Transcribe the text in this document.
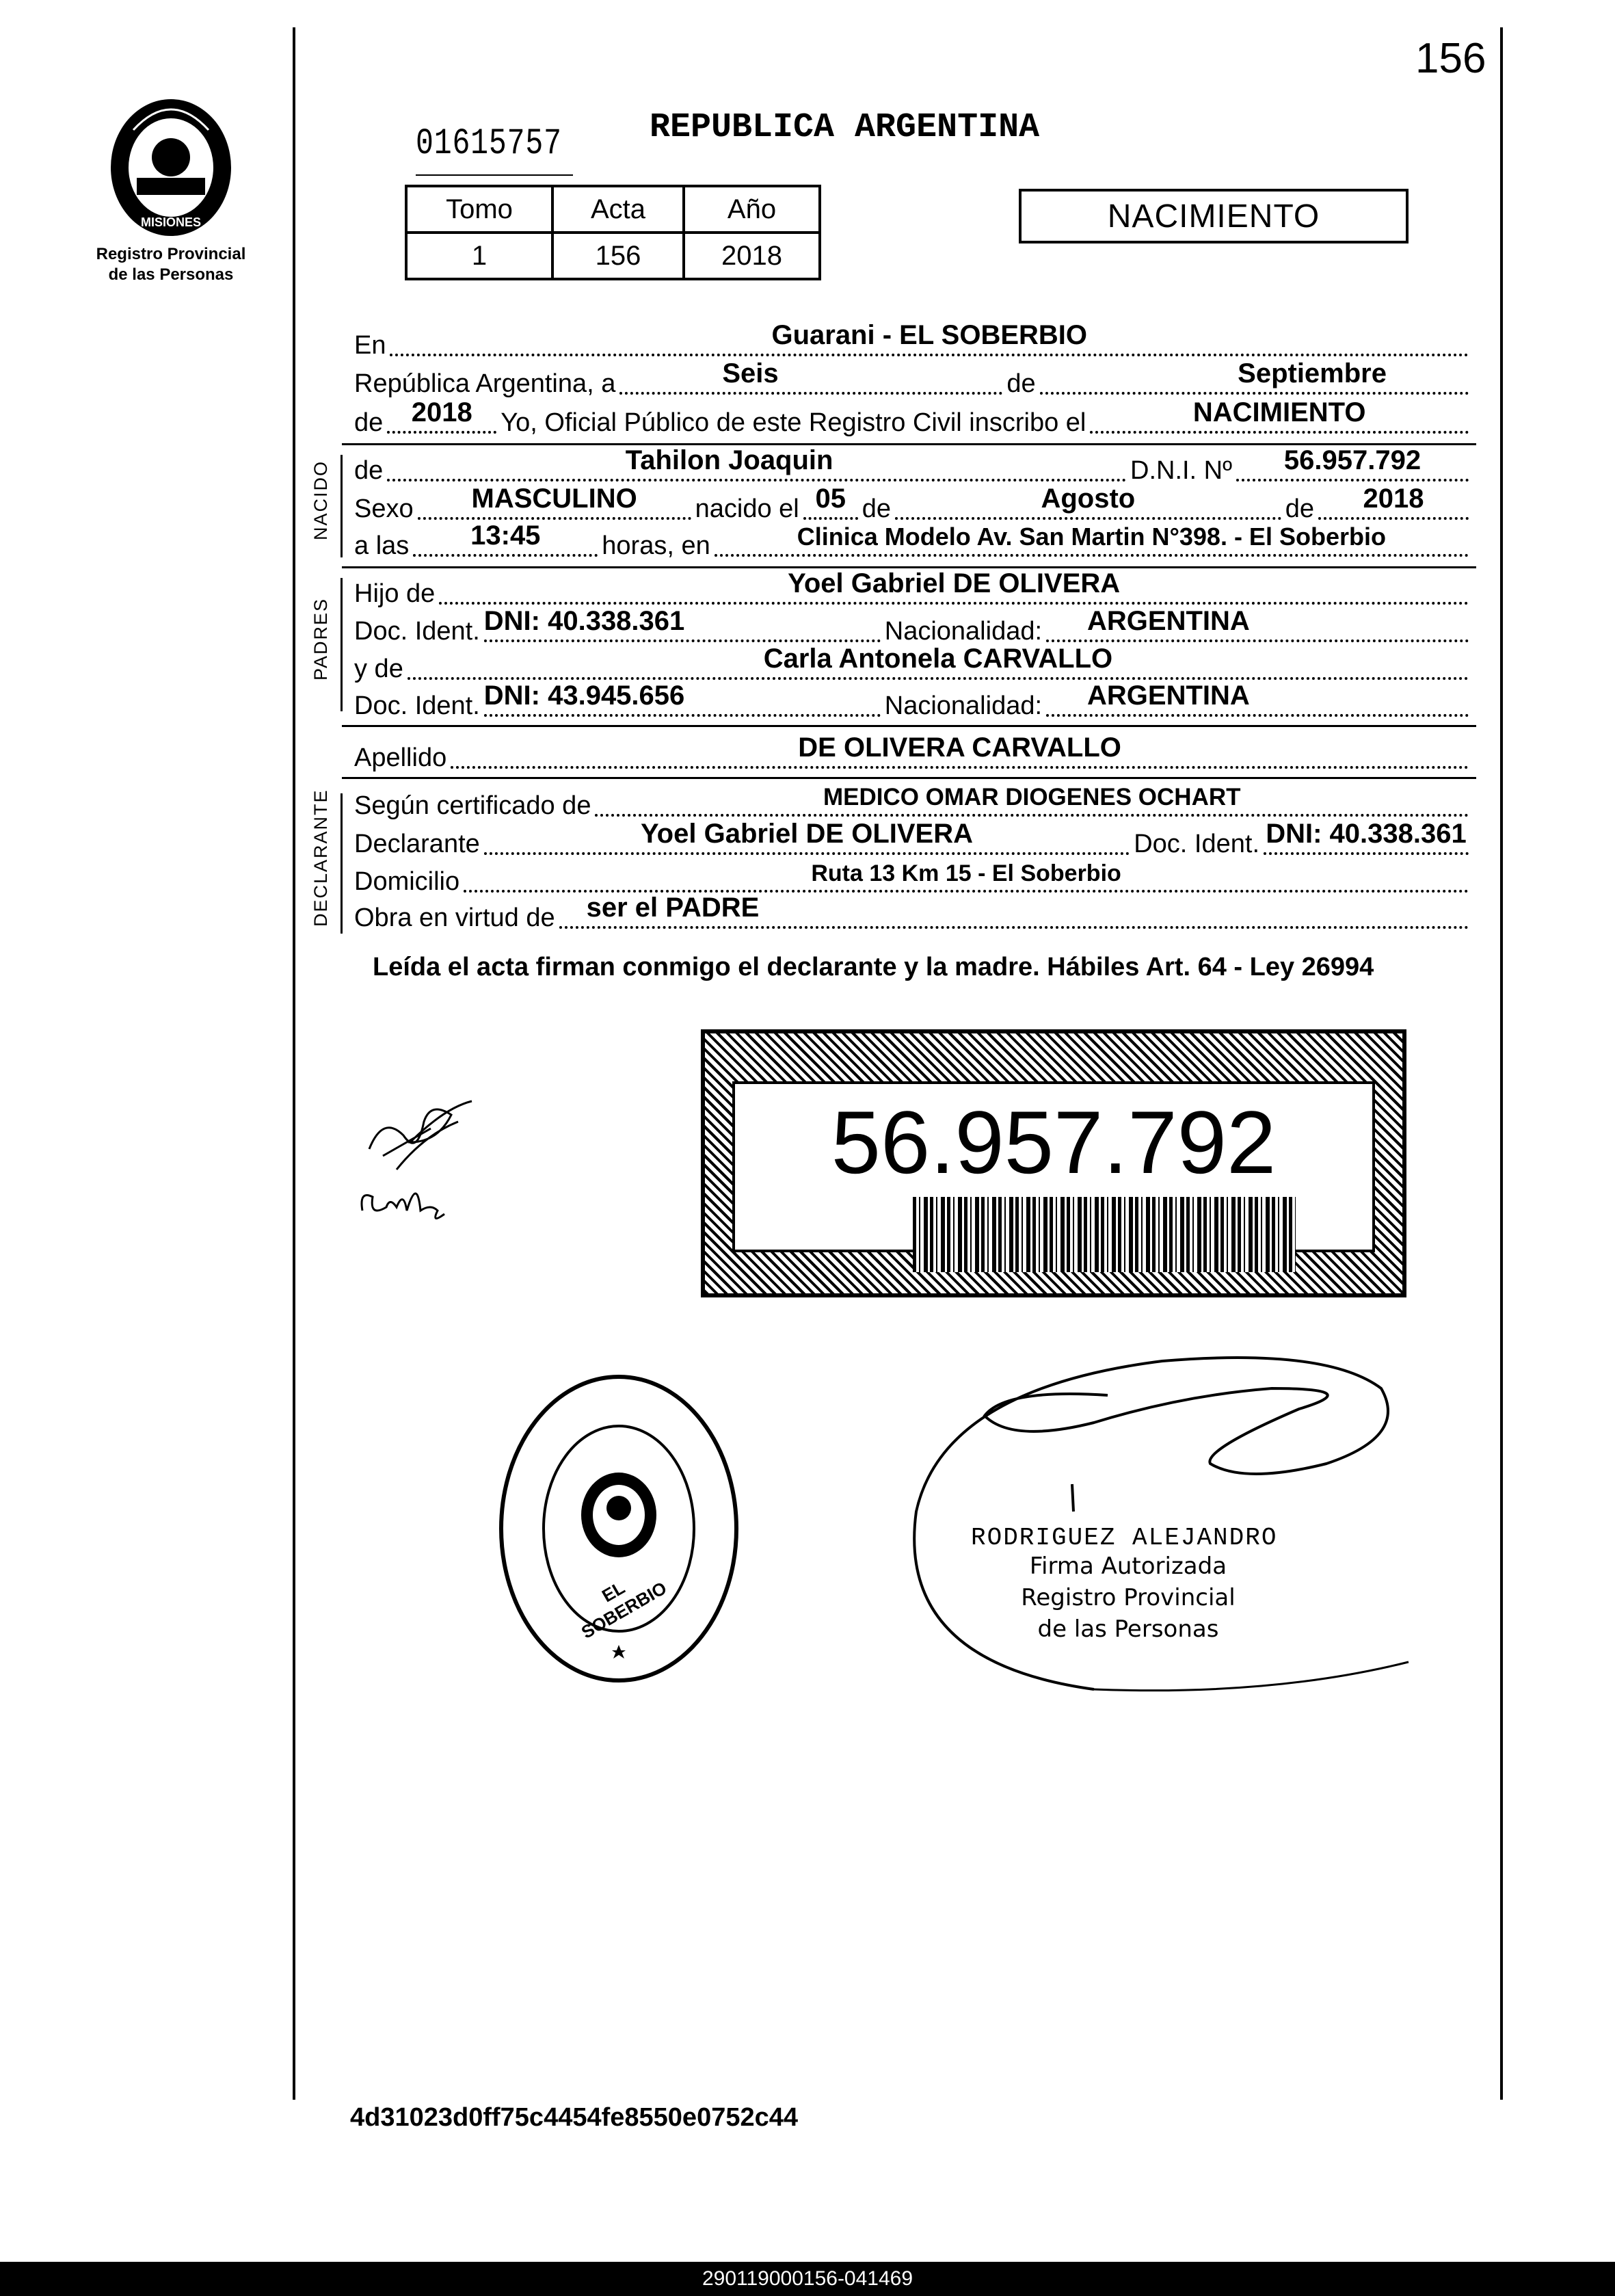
156
PROVINCIA DE
MISIONES
Registro Provincial
de las Personas
01615757	REPUBLICA ARGENTINA
Tomo	Acta	Año
1	156	2018
NACIMIENTO
En	Guarani - EL SOBERBIO
República Argentina, a	Seis	de	Septiembre
de	2018	Yo, Oficial Público de este Registro Civil inscribo el	NACIMIENTO
NACIDO de	Tahilon Joaquin	D.N.I. Nº	56.957.792
Sexo	MASCULINO	nacido el 05 de	Agosto	de	2018
a las	13:45	horas, en	Clinica Modelo Av. San Martin N°398. - El Soberbio
PADRES
Hijo de	Yoel Gabriel DE OLIVERA
Doc. Ident. DNI: 40.338.361	Nacionalidad:	ARGENTINA
y de	Carla Antonela CARVALLO
Doc. Ident. DNI: 43.945.656	Nacionalidad:	ARGENTINA
Apellido	DE OLIVERA CARVALLO
DECLARANTE Según certificado de	MEDICO OMAR DIOGENES OCHART
Declarante	Yoel Gabriel DE OLIVERA	Doc. Ident. DNI: 40.338.361
Domicilio	Ruta 13 Km 15 - El Soberbio
Obra en virtud de	ser el PADRE
Leída el acta firman conmigo el declarante y la madre. Hábiles Art. 64 - Ley 26994
56.957.792
EL SOBERBIO
RODRIGUEZ ALEJANDRO
Firma Autorizada
Registro Provincial
de las Personas
4d31023d0ff75c4454fe8550e0752c44
290119000156-041469
